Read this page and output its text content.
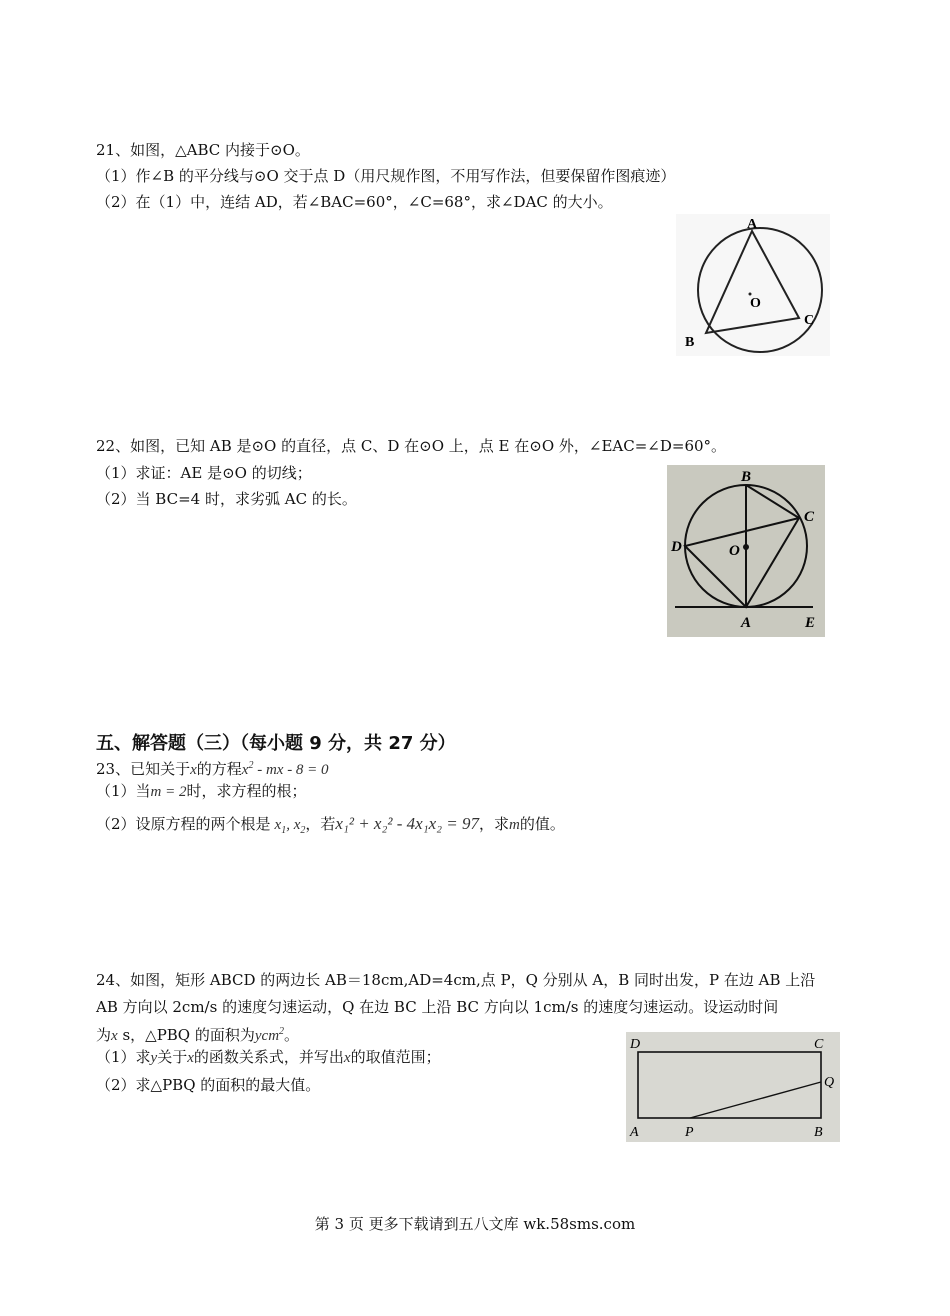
21、如图，△ABC 内接于⊙O。
（1）作∠B 的平分线与⊙O 交于点 D（用尺规作图，不用写作法，但要保留作图痕迹）
（2）在（1）中，连结 AD，若∠BAC=60°，∠C=68°，求∠DAC 的大小。
A
B
C
O
22、如图，已知 AB 是⊙O 的直径，点 C、D 在⊙O 上，点 E 在⊙O 外，∠EAC=∠D=60°。
（1）求证：AE 是⊙O 的切线；
（2）当 BC=4 时，求劣弧 AC 的长。
B
C
D	O
A	E
五、解答题（三）（每小题 9 分，共 27 分）
23、已知关于x的方程$x^2$ - mx - 8 = 0
（1）当m = 2时，求方程的根；
（2）设原方程的两个根是 $x_1$, $x_2$，若x₁² + x₂² - 4x₁x₂ = 97，求m的值。
24、如图，矩形 ABCD 的两边长 AB＝18cm,AD=4cm,点 P，Q 分别从 A，B 同时出发，P 在边 AB 上沿
AB 方向以 2cm/s 的速度匀速运动，Q 在边 BC 上沿 BC 方向以 1cm/s 的速度匀速运动。设运动时间
为x s，△PBQ 的面积为ycm$^2$。
（1）求y关于x的函数关系式，并写出x的取值范围；
（2）求△PBQ 的面积的最大值。
D	C
Q
A	P	B
第 3 页 更多下载请到五八文库 wk.58sms.com
